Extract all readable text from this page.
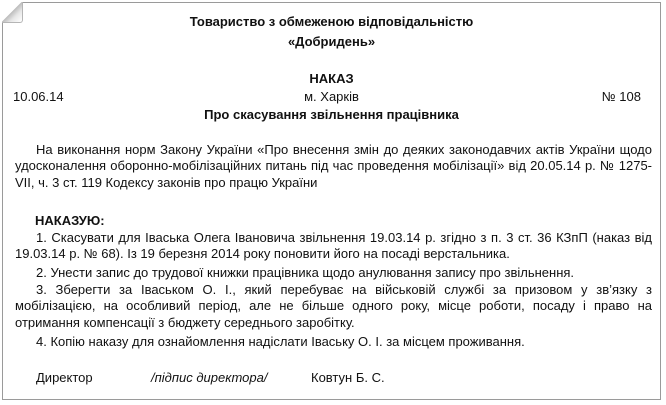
Товариство з обмеженою відповідальністю
«Добридень»
НАКАЗ
10.06.14	м. Харків	№ 108
Про скасування звільнення працівника

На виконання норм Закону України «Про внесення змін до деяких законодавчих актів України щодо удосконалення оборонно-мобілізаційних питань під час проведення мобілізації» від 20.05.14 р. № 1275-VII, ч. 3 ст. 119 Кодексу законів про працю України

НАКАЗУЮ:

1. Скасувати для Іваська Олега Івановича звільнення 19.03.14 р. згідно з п. 3 ст. 36 КЗпП (наказ від 19.03.14 р. № 68). Із 19 березня 2014 року поновити його на посаді верстальника.

2. Унести запис до трудової книжки працівника щодо анулювання запису про звільнення.

3. Зберегти за Іваськом О. І., який перебуває на військовій службі за призовом у зв’язку з мобілізацією, на особливий період, але не більше одного року, місце роботи, посаду і право на отримання компенсації з бюджету середнього заробітку.

4. Копію наказу для ознайомлення надіслати Іваську О. І. за місцем проживання.

Директор	/підпис директора/	Ковтун Б. С.
